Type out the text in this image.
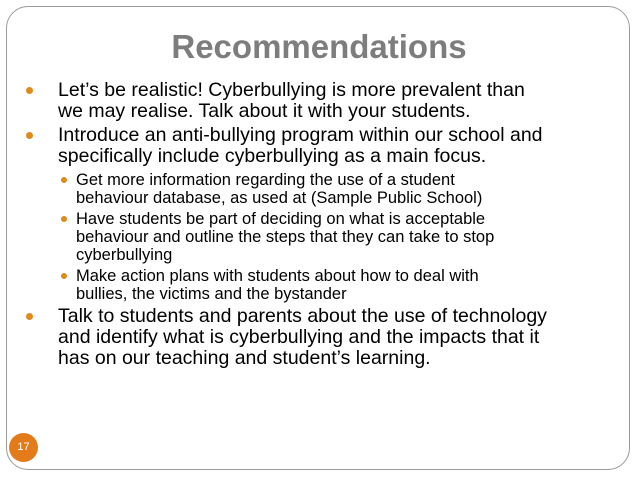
Recommendations
Let’s be realistic! Cyberbullying is more prevalent than
we may realise. Talk about it with your students.
Introduce an anti-bullying program within our school and
specifically include cyberbullying as a main focus.
Get more information regarding the use of a student
behaviour database, as used at (Sample Public School)
Have students be part of deciding on what is acceptable
behaviour and outline the steps that they can take to stop
cyberbullying
Make action plans with students about how to deal with
bullies, the victims and the bystander
Talk to students and parents about the use of technology
and identify what is cyberbullying and the impacts that it
has on our teaching and student’s learning.
17
